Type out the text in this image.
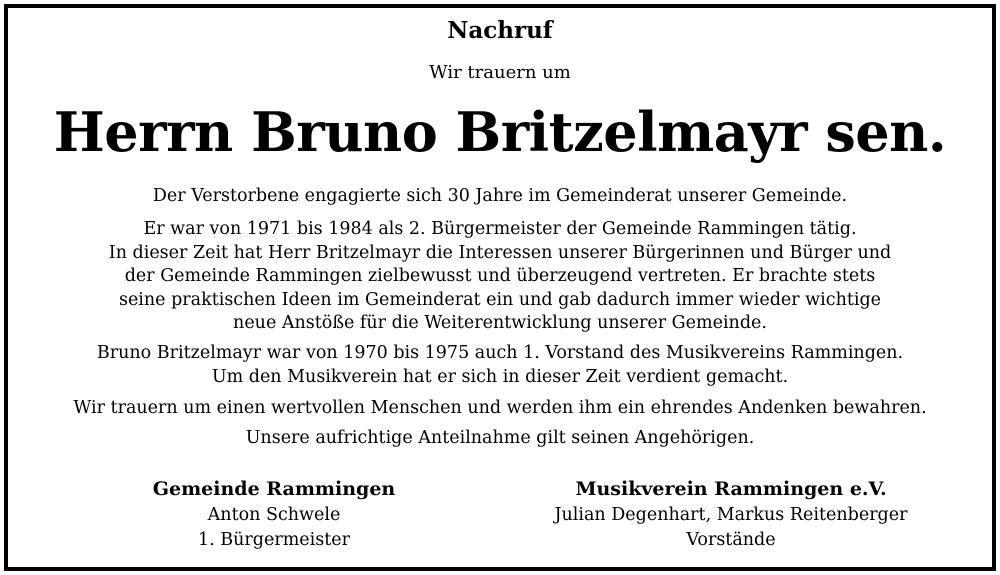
Nachruf
Wir trauern um
Herrn Bruno Britzelmayr sen.
Der Verstorbene engagierte sich 30 Jahre im Gemeinderat unserer Gemeinde.
Er war von 1971 bis 1984 als 2. Bürgermeister der Gemeinde Rammingen tätig.
In dieser Zeit hat Herr Britzelmayr die Interessen unserer Bürgerinnen und Bürger und
der Gemeinde Rammingen zielbewusst und überzeugend vertreten. Er brachte stets
seine praktischen Ideen im Gemeinderat ein und gab dadurch immer wieder wichtige
neue Anstöße für die Weiterentwicklung unserer Gemeinde.
Bruno Britzelmayr war von 1970 bis 1975 auch 1. Vorstand des Musikvereins Rammingen.
Um den Musikverein hat er sich in dieser Zeit verdient gemacht.
Wir trauern um einen wertvollen Menschen und werden ihm ein ehrendes Andenken bewahren.
Unsere aufrichtige Anteilnahme gilt seinen Angehörigen.
Gemeinde Rammingen
Anton Schwele
1. Bürgermeister
Musikverein Rammingen e.V.
Julian Degenhart, Markus Reitenberger
Vorstände
